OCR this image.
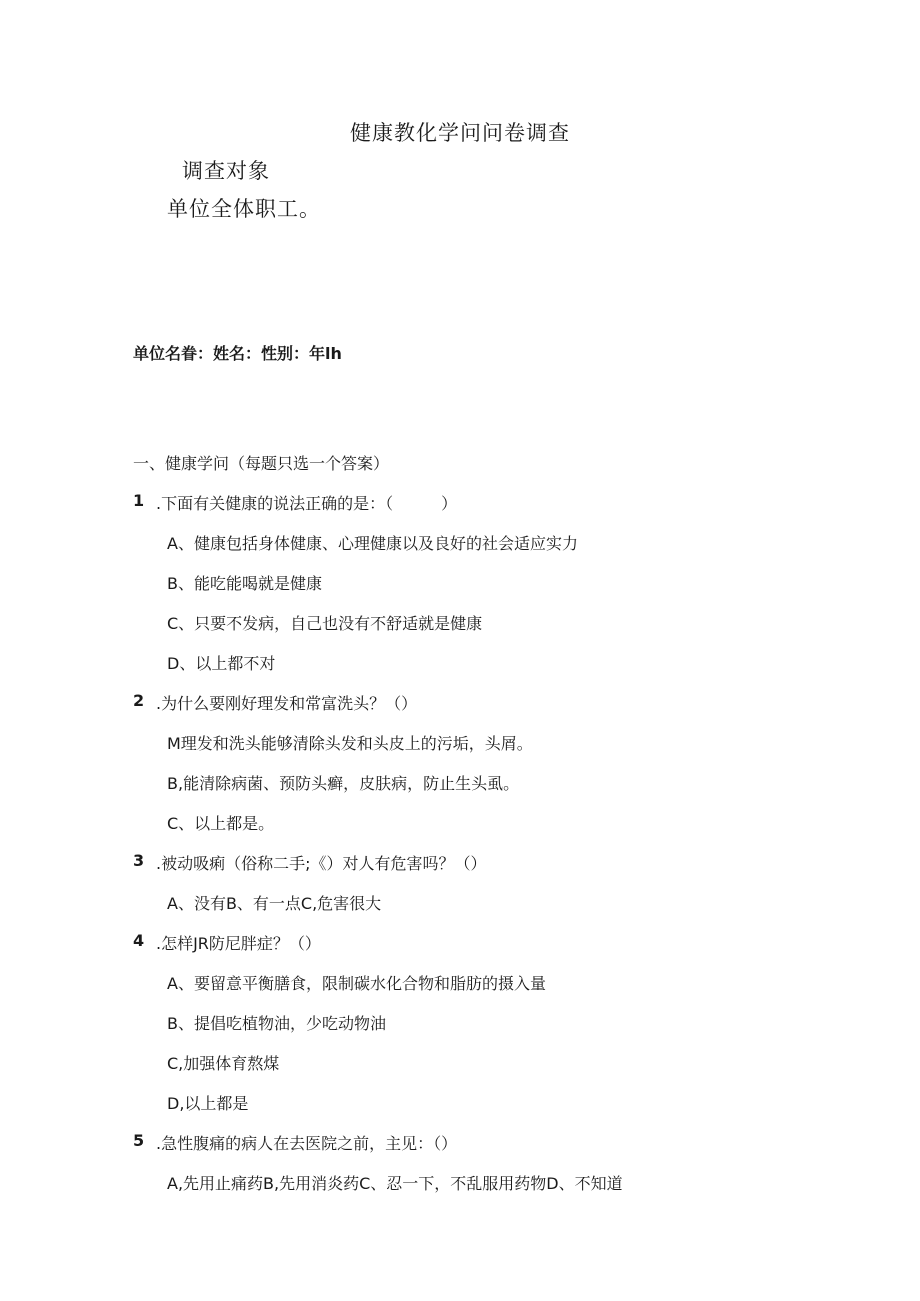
健康教化学问问卷调查
调查对象
单位全体职工。
单位名眷：姓名：性别：年lh
一、健康学问（每题只选一个答案）
1 .下面有关健康的说法正确的是：（　　　）
A、健康包括身体健康、心理健康以及良好的社会适应实力
B、能吃能喝就是健康
C、只要不发病，自己也没有不舒适就是健康
D、以上都不对
2 .为什么要刚好理发和常富洗头？（）
M理发和洗头能够清除头发和头皮上的污垢，头屑。
B,能清除病菌、预防头癣，皮肤病，防止生头虱。
C、以上都是。
3 .被动吸痢（俗称二手;《）对人有危害吗？（）
A、没有B、有一点C,危害很大
4 .怎样JR防尼胖症？（）
A、要留意平衡膳食，限制碳水化合物和脂肪的摄入量
B、提倡吃植物油，少吃动物油
C,加强体育熬煤
D,以上都是
5 .急性腹痛的病人在去医院之前，主见：（）
A,先用止痛药B,先用消炎药C、忍一下，不乱服用药物D、不知道
